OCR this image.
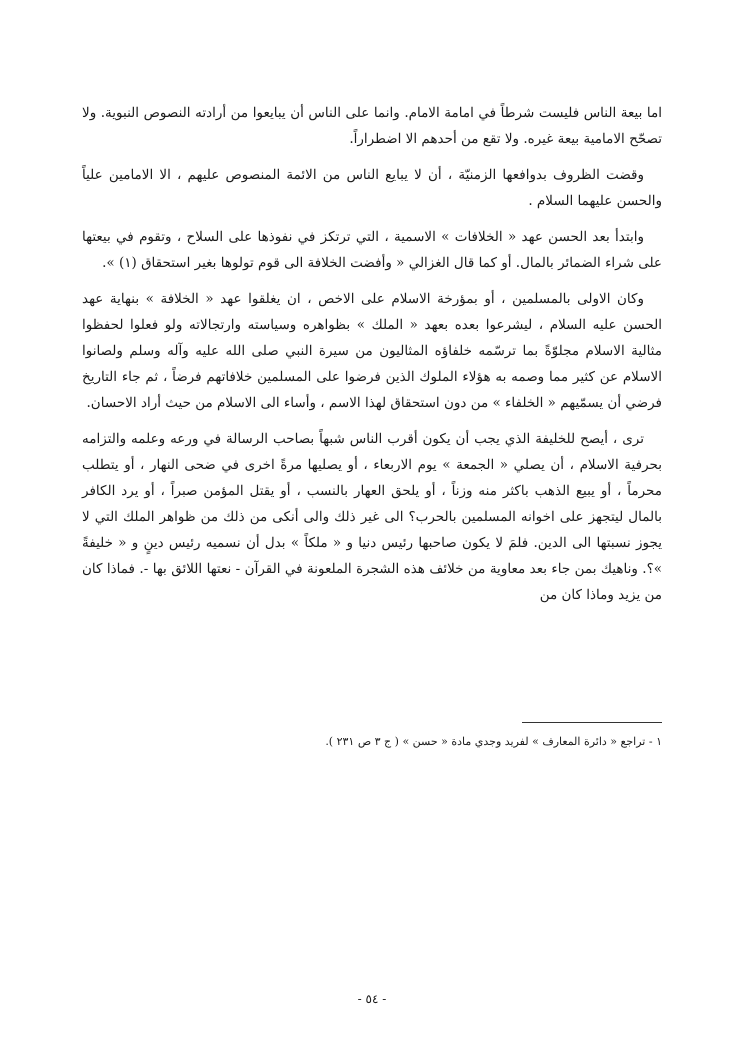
اما بيعة الناس فليست شرطاً في امامة الامام. وانما على الناس أن يبايعوا من أرادته النصوص النبوية. ولا تصحّح الامامية بيعة غيره. ولا تقع من أحدهم الا اضطراراً.

وقضت الظروف بدوافعها الزمنيّة ، أن لا يبايع الناس من الائمة المنصوص عليهم ، الا الامامين علياً والحسن عليهما السلام .

وابتدأ بعد الحسن عهد « الخلافات » الاسمية ، التي ترتكز في نفوذها على السلاح ، وتقوم في بيعتها على شراء الضمائر بالمال. أو كما قال الغزالي « وأفضت الخلافة الى قوم تولوها بغير استحقاق (١) ».

وكان الاولى بالمسلمين ، أو بمؤرخة الاسلام على الاخص ، ان يغلقوا عهد « الخلافة » بنهاية عهد الحسن عليه السلام ، ليشرعوا بعده بعهد « الملك » بظواهره وسياسته وارتجالاته ولو فعلوا لحفظوا مثالية الاسلام مجلوّةً بما ترسّمه خلفاؤه المثاليون من سيرة النبي صلى الله عليه وآله وسلم ولصانوا الاسلام عن كثير مما وصمه به هؤلاء الملوك الذين فرضوا على المسلمين خلافاتهم فرضاً ، ثم جاء التاريخ فرضي أن يسمّيهم « الخلفاء » من دون استحقاق لهذا الاسم ، وأساء الى الاسلام من حيث أراد الاحسان.

ترى ، أيصح للخليفة الذي يجب أن يكون أقرب الناس شبهاً بصاحب الرسالة في ورعه وعلمه والتزامه بحرفية الاسلام ، أن يصلي « الجمعة » يوم الاربعاء ، أو يصليها مرةً اخرى في ضحى النهار ، أو يتطلب محرماً ، أو يبيع الذهب باكثر منه وزناً ، أو يلحق العهار بالنسب ، أو يقتل المؤمن صبراً ، أو يرد الكافر بالمال ليتجهز على اخوانه المسلمين بالحرب؟ الى غير ذلك والى أنكى من ذلك من ظواهر الملك التي لا يجوز نسبتها الى الدين. فلمَ لا يكون صاحبها رئيس دنيا و « ملكاً » بدل أن نسميه رئيس دينٍ و « خليفةً »؟. وناهيك بمن جاء بعد معاوية من خلائف هذه الشجرة الملعونة في القرآن - نعتها اللائق بها -. فماذا كان من يزيد وماذا كان من

١ - تراجع « دائرة المعارف » لفريد وجدي مادة « حسن » ( ج ٣ ص ٢٣١ ).
- ٥٤ -
